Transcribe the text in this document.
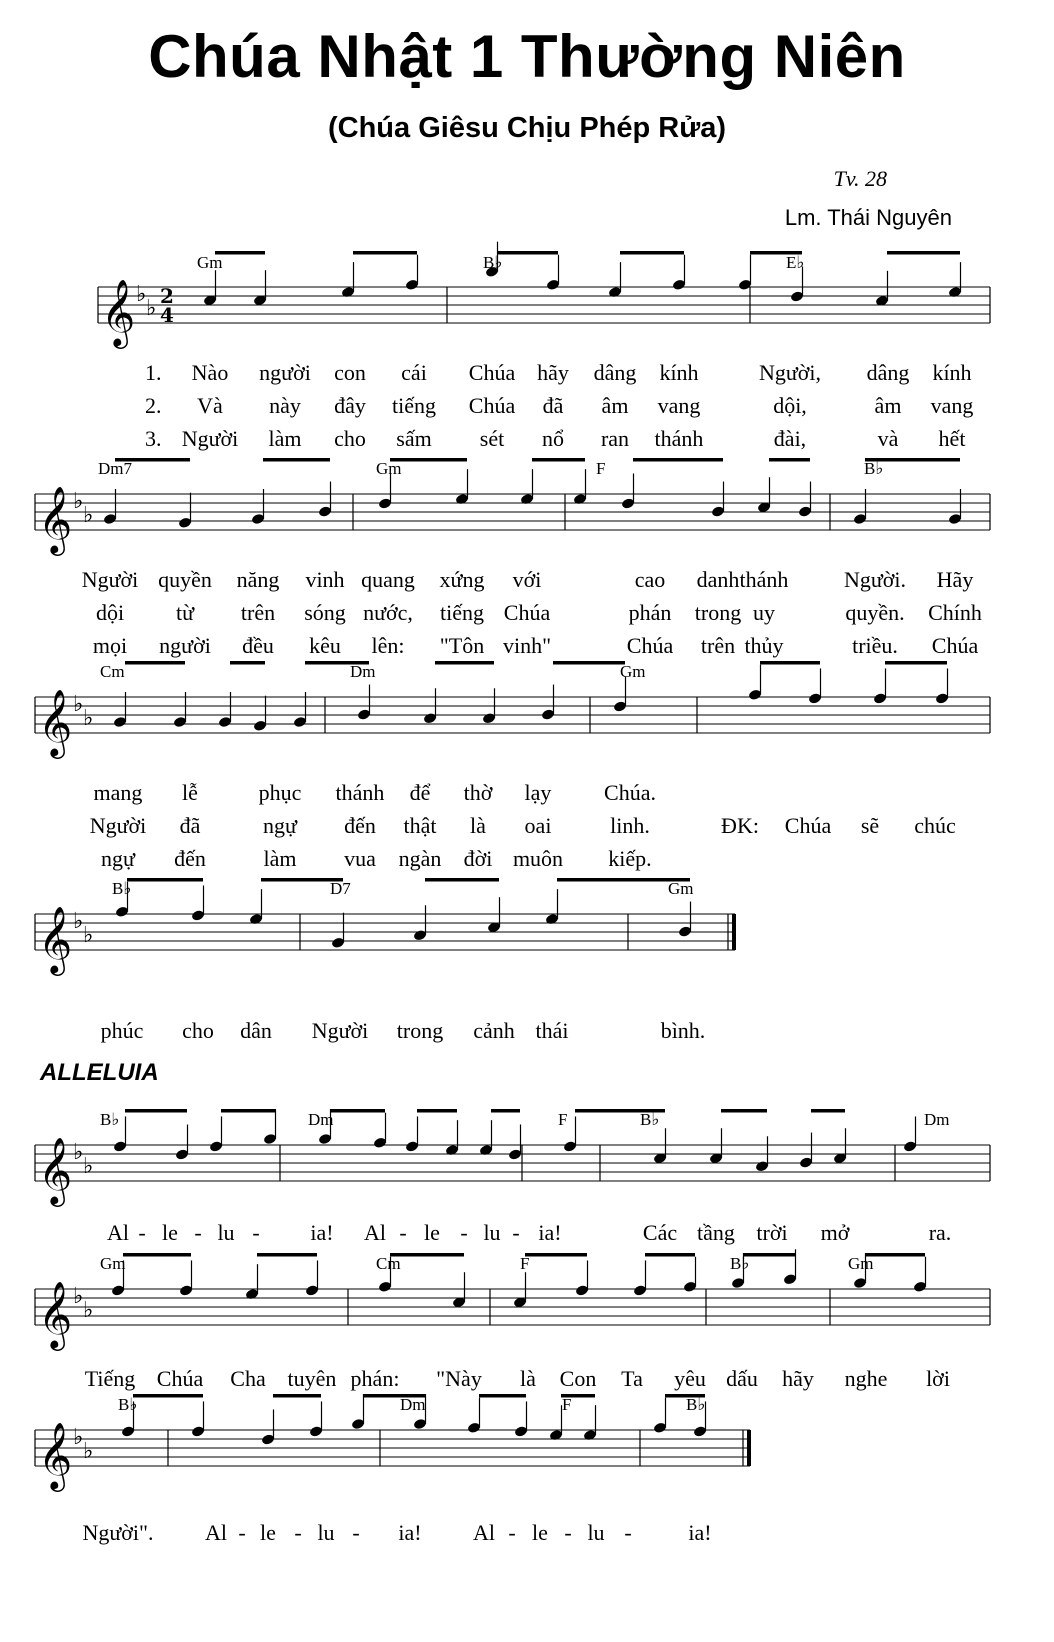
Chúa Nhật 1 Thường Niên
(Chúa Giêsu Chịu Phép Rửa)
Tv. 28
Lm. Thái Nguyên
ALLELUIA
𝄞 ♭
♭ 2
4
Gm	B♭	E♭
1. Nào người con cái Chúa hãy dâng kính	Người, dâng kính
2. Và này đây tiếng Chúa đã âm vang	dội,	âm vang
3. Người làm cho sấm sét nổ ran thánh	đài,	và hết
𝄞 ♭
♭
Dm7	Gm	F	B♭
Người quyền năng vinh quang xứng với	cao danh thánh	Người. Hãy
dội từ trên sóng nước, tiếng Chúa	phán trong uy	quyền. Chính
mọi người đều kêu lên: "Tôn vinh"	Chúa trên thủy	triều. Chúa
𝄞 ♭
♭
Cm	Dm	Gm
mang lễ	phục thánh để thờ lạy Chúa.
Người đã	ngự đến thật là oai	linh.	ĐK: Chúa sẽ chúc
ngự đến	làm vua ngàn đời muôn kiếp.
𝄞 ♭
♭
B♭	D7	Gm
phúc cho dân Người trong cảnh thái	bình.
𝄞 ♭
♭
B♭	Dm	F	B♭	Dm
Al - le - lu - ia! Al - le - lu - ia!	Các tầng trời mở	ra.
𝄞 ♭
♭
Gm	Cm	F	B♭	Gm
Tiếng Chúa Cha tuyên phán: "Này là Con Ta yêu dấu hãy nghe lời
𝄞 ♭
♭
B♭	Dm	F	B♭
Người". Al - le - lu - ia! Al - le - lu -	ia!
